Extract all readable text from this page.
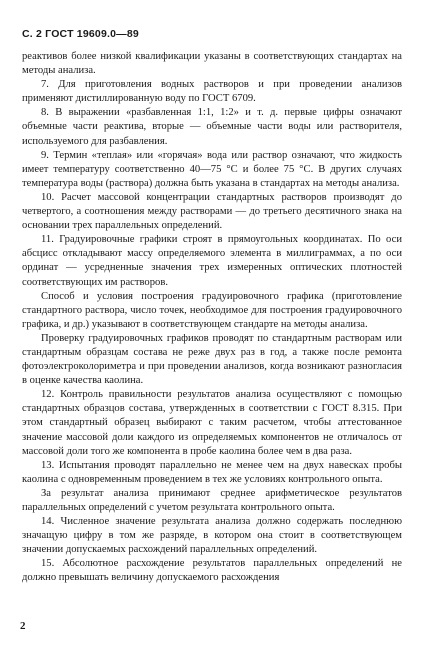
С. 2 ГОСТ 19609.0—89

реактивов более низкой квалификации указаны в соответствующих стандартах на методы анализа.

7. Для приготовления водных растворов и при проведении анализов применяют дистиллированную воду по ГОСТ 6709.

8. В выражении «разбавленная 1:1, 1:2» и т. д. первые цифры означают объемные части реактива, вторые — объемные части воды или растворителя, используемого для разбавления.

9. Термин «теплая» или «горячая» вода или раствор означают, что жидкость имеет температуру соответственно 40—75 °С и более 75 °С. В других случаях температура воды (раствора) должна быть указана в стандартах на методы анализа.

10. Расчет массовой концентрации стандартных растворов производят до четвертого, а соотношения между растворами — до третьего десятичного знака на основании трех параллельных определений.

11. Градуировочные графики строят в прямоугольных координатах. По оси абсцисс откладывают массу определяемого элемента в миллиграммах, а по оси ординат — усредненные значения трех измеренных оптических плотностей соответствующих им растворов.

Способ и условия построения градуировочного графика (приготовление стандартного раствора, число точек, необходимое для построения градуировочного графика, и др.) указывают в соответствующем стандарте на методы анализа.

Проверку градуировочных графиков проводят по стандартным растворам или стандартным образцам состава не реже двух раз в год, а также после ремонта фотоэлектроколориметра и при проведении анализов, когда возникают разногласия в оценке качества каолина.

12. Контроль правильности результатов анализа осуществляют с помощью стандартных образцов состава, утвержденных в соответствии с ГОСТ 8.315. При этом стандартный образец выбирают с таким расчетом, чтобы аттестованное значение массовой доли каждого из определяемых компонентов не отличалось от массовой доли того же компонента в пробе каолина более чем в два раза.

13. Испытания проводят параллельно не менее чем на двух навесках пробы каолина с одновременным проведением в тех же условиях контрольного опыта.

За результат анализа принимают среднее арифметическое результатов параллельных определений с учетом результата контрольного опыта.

14. Численное значение результата анализа должно содержать последнюю значащую цифру в том же разряде, в котором она стоит в соответствующем значении допускаемых расхождений параллельных определений.

15. Абсолютное расхождение результатов параллельных определений не должно превышать величину допускаемого расхождения

2
